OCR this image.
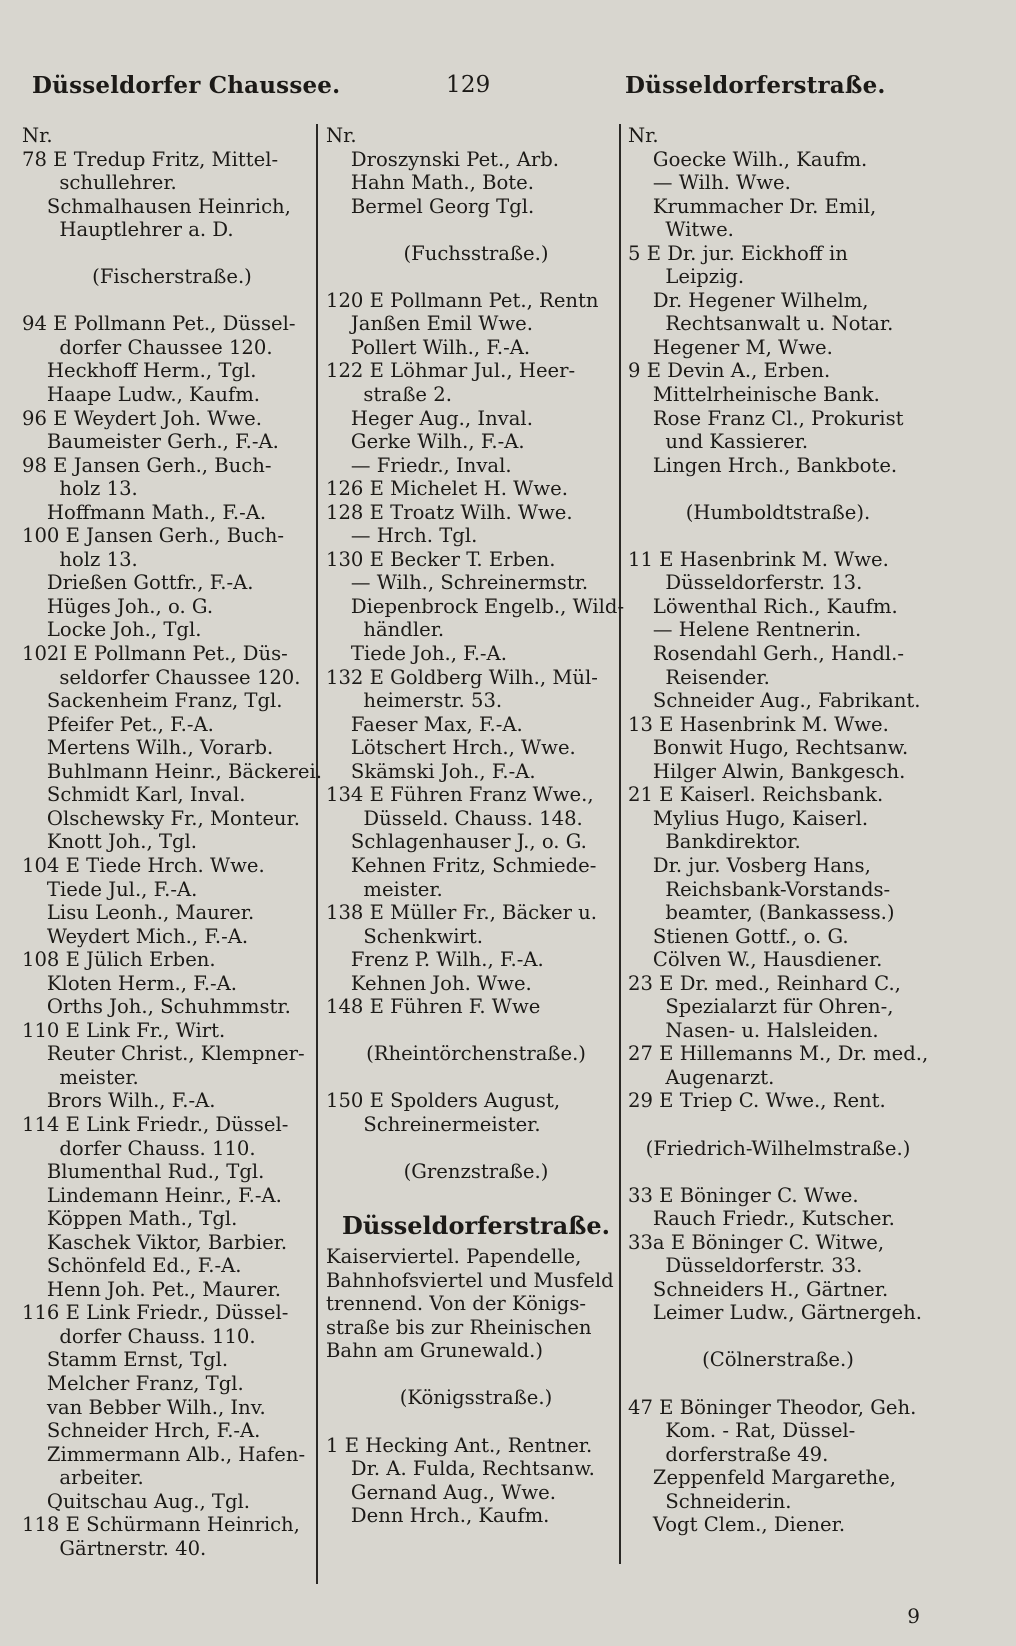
Düsseldorfer Chaussee.	129	Düsseldorferstraße.
Nr.
78 E Tredup Fritz, Mittel-
schullehrer.
Schmalhausen Heinrich,
Hauptlehrer a. D.
(Fischerstraße.)
94 E Pollmann Pet., Düssel-
dorfer Chaussee 120.
Heckhoff Herm., Tgl.
Haape Ludw., Kaufm.
96 E Weydert Joh. Wwe.
Baumeister Gerh., F.-A.
98 E Jansen Gerh., Buch-
holz 13.
Hoffmann Math., F.-A.
100 E Jansen Gerh., Buch-
holz 13.
Drießen Gottfr., F.-A.
Hüges Joh., o. G.
Locke Joh., Tgl.
102I E Pollmann Pet., Düs-
seldorfer Chaussee 120.
Sackenheim Franz, Tgl.
Pfeifer Pet., F.-A.
Mertens Wilh., Vorarb.
Buhlmann Heinr., Bäckerei.
Schmidt Karl, Inval.
Olschewsky Fr., Monteur.
Knott Joh., Tgl.
104 E Tiede Hrch. Wwe.
Tiede Jul., F.-A.
Lisu Leonh., Maurer.
Weydert Mich., F.-A.
108 E Jülich Erben.
Kloten Herm., F.-A.
Orths Joh., Schuhmmstr.
110 E Link Fr., Wirt.
Reuter Christ., Klempner-
meister.
Brors Wilh., F.-A.
114 E Link Friedr., Düssel-
dorfer Chauss. 110.
Blumenthal Rud., Tgl.
Lindemann Heinr., F.-A.
Köppen Math., Tgl.
Kaschek Viktor, Barbier.
Schönfeld Ed., F.-A.
Henn Joh. Pet., Maurer.
116 E Link Friedr., Düssel-
dorfer Chauss. 110.
Stamm Ernst, Tgl.
Melcher Franz, Tgl.
van Bebber Wilh., Inv.
Schneider Hrch, F.-A.
Zimmermann Alb., Hafen-
arbeiter.
Quitschau Aug., Tgl.
118 E Schürmann Heinrich,
Gärtnerstr. 40.
Nr.
Droszynski Pet., Arb.
Hahn Math., Bote.
Bermel Georg Tgl.
(Fuchsstraße.)
120 E Pollmann Pet., Rentn
Janßen Emil Wwe.
Pollert Wilh., F.-A.
122 E Löhmar Jul., Heer-
straße 2.
Heger Aug., Inval.
Gerke Wilh., F.-A.
— Friedr., Inval.
126 E Michelet H. Wwe.
128 E Troatz Wilh. Wwe.
— Hrch. Tgl.
130 E Becker T. Erben.
— Wilh., Schreinermstr.
Diepenbrock Engelb., Wild-
händler.
Tiede Joh., F.-A.
132 E Goldberg Wilh., Mül-
heimerstr. 53.
Faeser Max, F.-A.
Lötschert Hrch., Wwe.
Skämski Joh., F.-A.
134 E Führen Franz Wwe.,
Düsseld. Chauss. 148.
Schlagenhauser J., o. G.
Kehnen Fritz, Schmiede-
meister.
138 E Müller Fr., Bäcker u.
Schenkwirt.
Frenz P. Wilh., F.-A.
Kehnen Joh. Wwe.
148 E Führen F. Wwe
(Rheintörchenstraße.)
150 E Spolders August,
Schreinermeister.
(Grenzstraße.)
Düsseldorferstraße.
Kaiserviertel. Papendelle,
Bahnhofsviertel und Musfeld
trennend. Von der Königs-
straße bis zur Rheinischen
Bahn am Grunewald.)
(Königsstraße.)
1 E Hecking Ant., Rentner.
Dr. A. Fulda, Rechtsanw.
Gernand Aug., Wwe.
Denn Hrch., Kaufm.
Nr.
Goecke Wilh., Kaufm.
— Wilh. Wwe.
Krummacher Dr. Emil,
Witwe.
5 E Dr. jur. Eickhoff in
Leipzig.
Dr. Hegener Wilhelm,
Rechtsanwalt u. Notar.
Hegener M, Wwe.
9 E Devin A., Erben.
Mittelrheinische Bank.
Rose Franz Cl., Prokurist
und Kassierer.
Lingen Hrch., Bankbote.
(Humboldtstraße).
11 E Hasenbrink M. Wwe.
Düsseldorferstr. 13.
Löwenthal Rich., Kaufm.
— Helene Rentnerin.
Rosendahl Gerh., Handl.-
Reisender.
Schneider Aug., Fabrikant.
13 E Hasenbrink M. Wwe.
Bonwit Hugo, Rechtsanw.
Hilger Alwin, Bankgesch.
21 E Kaiserl. Reichsbank.
Mylius Hugo, Kaiserl.
Bankdirektor.
Dr. jur. Vosberg Hans,
Reichsbank-Vorstands-
beamter, (Bankassess.)
Stienen Gottf., o. G.
Cölven W., Hausdiener.
23 E Dr. med., Reinhard C.,
Spezialarzt für Ohren-,
Nasen- u. Halsleiden.
27 E Hillemanns M., Dr. med.,
Augenarzt.
29 E Triep C. Wwe., Rent.
(Friedrich-Wilhelmstraße.)
33 E Böninger C. Wwe.
Rauch Friedr., Kutscher.
33a E Böninger C. Witwe,
Düsseldorferstr. 33.
Schneiders H., Gärtner.
Leimer Ludw., Gärtnergeh.
(Cölnerstraße.)
47 E Böninger Theodor, Geh.
Kom. - Rat, Düssel-
dorferstraße 49.
Zeppenfeld Margarethe,
Schneiderin.
Vogt Clem., Diener.
9
